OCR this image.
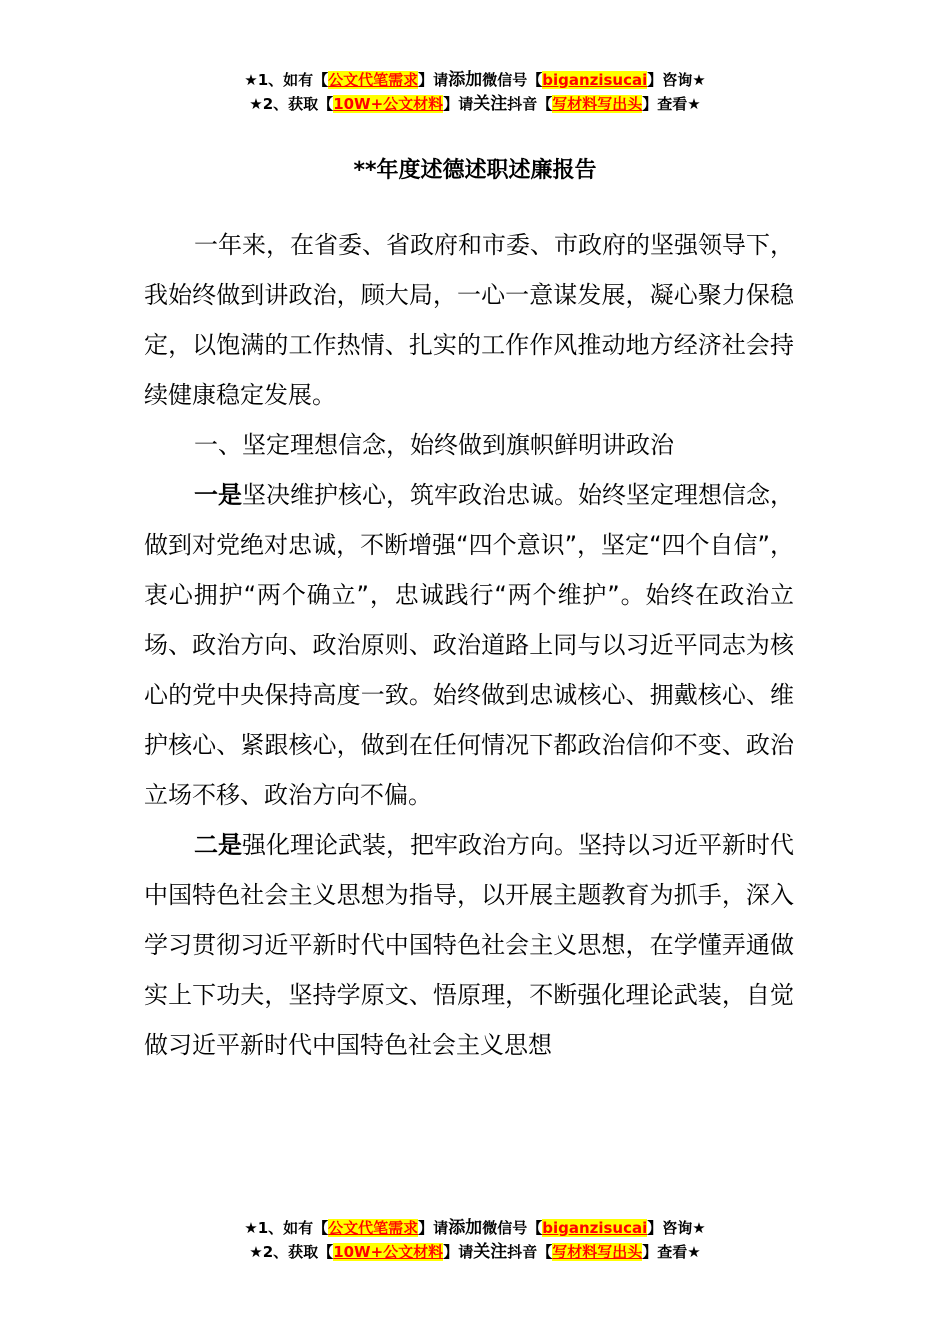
★1、如有【公文代笔需求】请添加微信号【biganzisucai】咨询★
★2、获取【10W+公文材料】请关注抖音【写材料写出头】查看★
**年度述德述职述廉报告

一年来，在省委、省政府和市委、市政府的坚强领导下，我始终做到讲政治，顾大局，一心一意谋发展，凝心聚力保稳定，以饱满的工作热情、扎实的工作作风推动地方经济社会持续健康稳定发展。

一、坚定理想信念，始终做到旗帜鲜明讲政治

一是坚决维护核心，筑牢政治忠诚。始终坚定理想信念，做到对党绝对忠诚，不断增强“四个意识”，坚定“四个自信”，衷心拥护“两个确立”，忠诚践行“两个维护”。始终在政治立场、政治方向、政治原则、政治道路上同与以习近平同志为核心的党中央保持高度一致。始终做到忠诚核心、拥戴核心、维护核心、紧跟核心，做到在任何情况下都政治信仰不变、政治立场不移、政治方向不偏。

二是强化理论武装，把牢政治方向。坚持以习近平新时代中国特色社会主义思想为指导，以开展主题教育为抓手，深入学习贯彻习近平新时代中国特色社会主义思想，在学懂弄通做实上下功夫，坚持学原文、悟原理，不断强化理论武装，自觉做习近平新时代中国特色社会主义思想

★1、如有【公文代笔需求】请添加微信号【biganzisucai】咨询★
★2、获取【10W+公文材料】请关注抖音【写材料写出头】查看★
